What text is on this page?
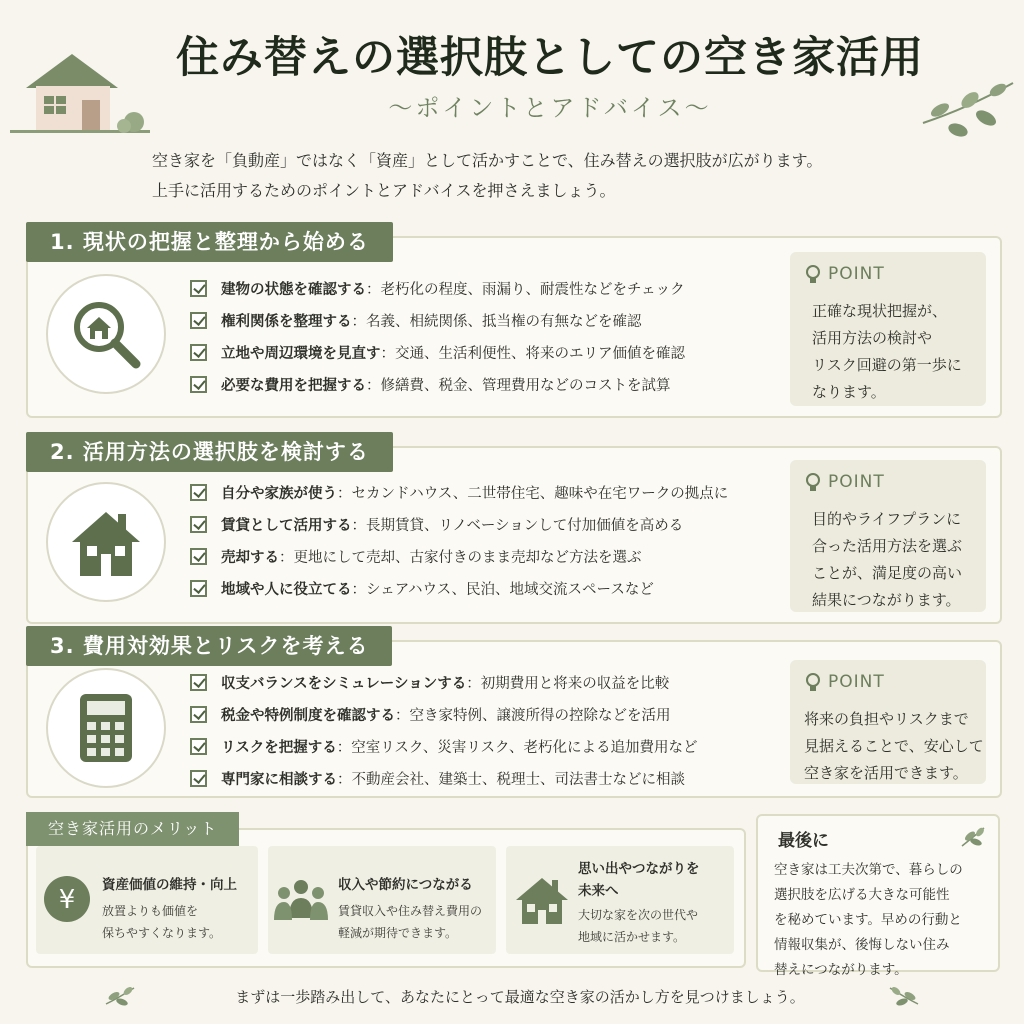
住み替えの選択肢としての空き家活用
〜ポイントとアドバイス〜
空き家を「負動産」ではなく「資産」として活かすことで、住み替えの選択肢が広がります。
上手に活用するためのポイントとアドバイスを押さえましょう。
1. 現状の把握と整理から始める
建物の状態を確認する：老朽化の程度、雨漏り、耐震性などをチェック
権利関係を整理する：名義、相続関係、抵当権の有無などを確認
立地や周辺環境を見直す：交通、生活利便性、将来のエリア価値を確認
必要な費用を把握する：修繕費、税金、管理費用などのコストを試算
POINT
正確な現状把握が、
活用方法の検討や
リスク回避の第一歩に
なります。
2. 活用方法の選択肢を検討する
自分や家族が使う：セカンドハウス、二世帯住宅、趣味や在宅ワークの拠点に
賃貸として活用する：長期賃貸、リノベーションして付加価値を高める
売却する：更地にして売却、古家付きのまま売却など方法を選ぶ
地域や人に役立てる：シェアハウス、民泊、地域交流スペースなど
POINT
目的やライフプランに
合った活用方法を選ぶ
ことが、満足度の高い
結果につながります。
3. 費用対効果とリスクを考える
収支バランスをシミュレーションする：初期費用と将来の収益を比較
税金や特例制度を確認する：空き家特例、譲渡所得の控除などを活用
リスクを把握する：空室リスク、災害リスク、老朽化による追加費用など
専門家に相談する：不動産会社、建築士、税理士、司法書士などに相談
POINT
将来の負担やリスクまで
見据えることで、安心して
空き家を活用できます。
空き家活用のメリット
¥ 資産価値の維持・向上
放置よりも価値を
保ちやすくなります。
収入や節約につながる
賃貸収入や住み替え費用の
軽減が期待できます。
思い出やつながりを
未来へ
大切な家を次の世代や
地域に活かせます。
最後に
空き家は工夫次第で、暮らしの
選択肢を広げる大きな可能性
を秘めています。早めの行動と
情報収集が、後悔しない住み
替えにつながります。
まずは一歩踏み出して、あなたにとって最適な空き家の活かし方を見つけましょう。
